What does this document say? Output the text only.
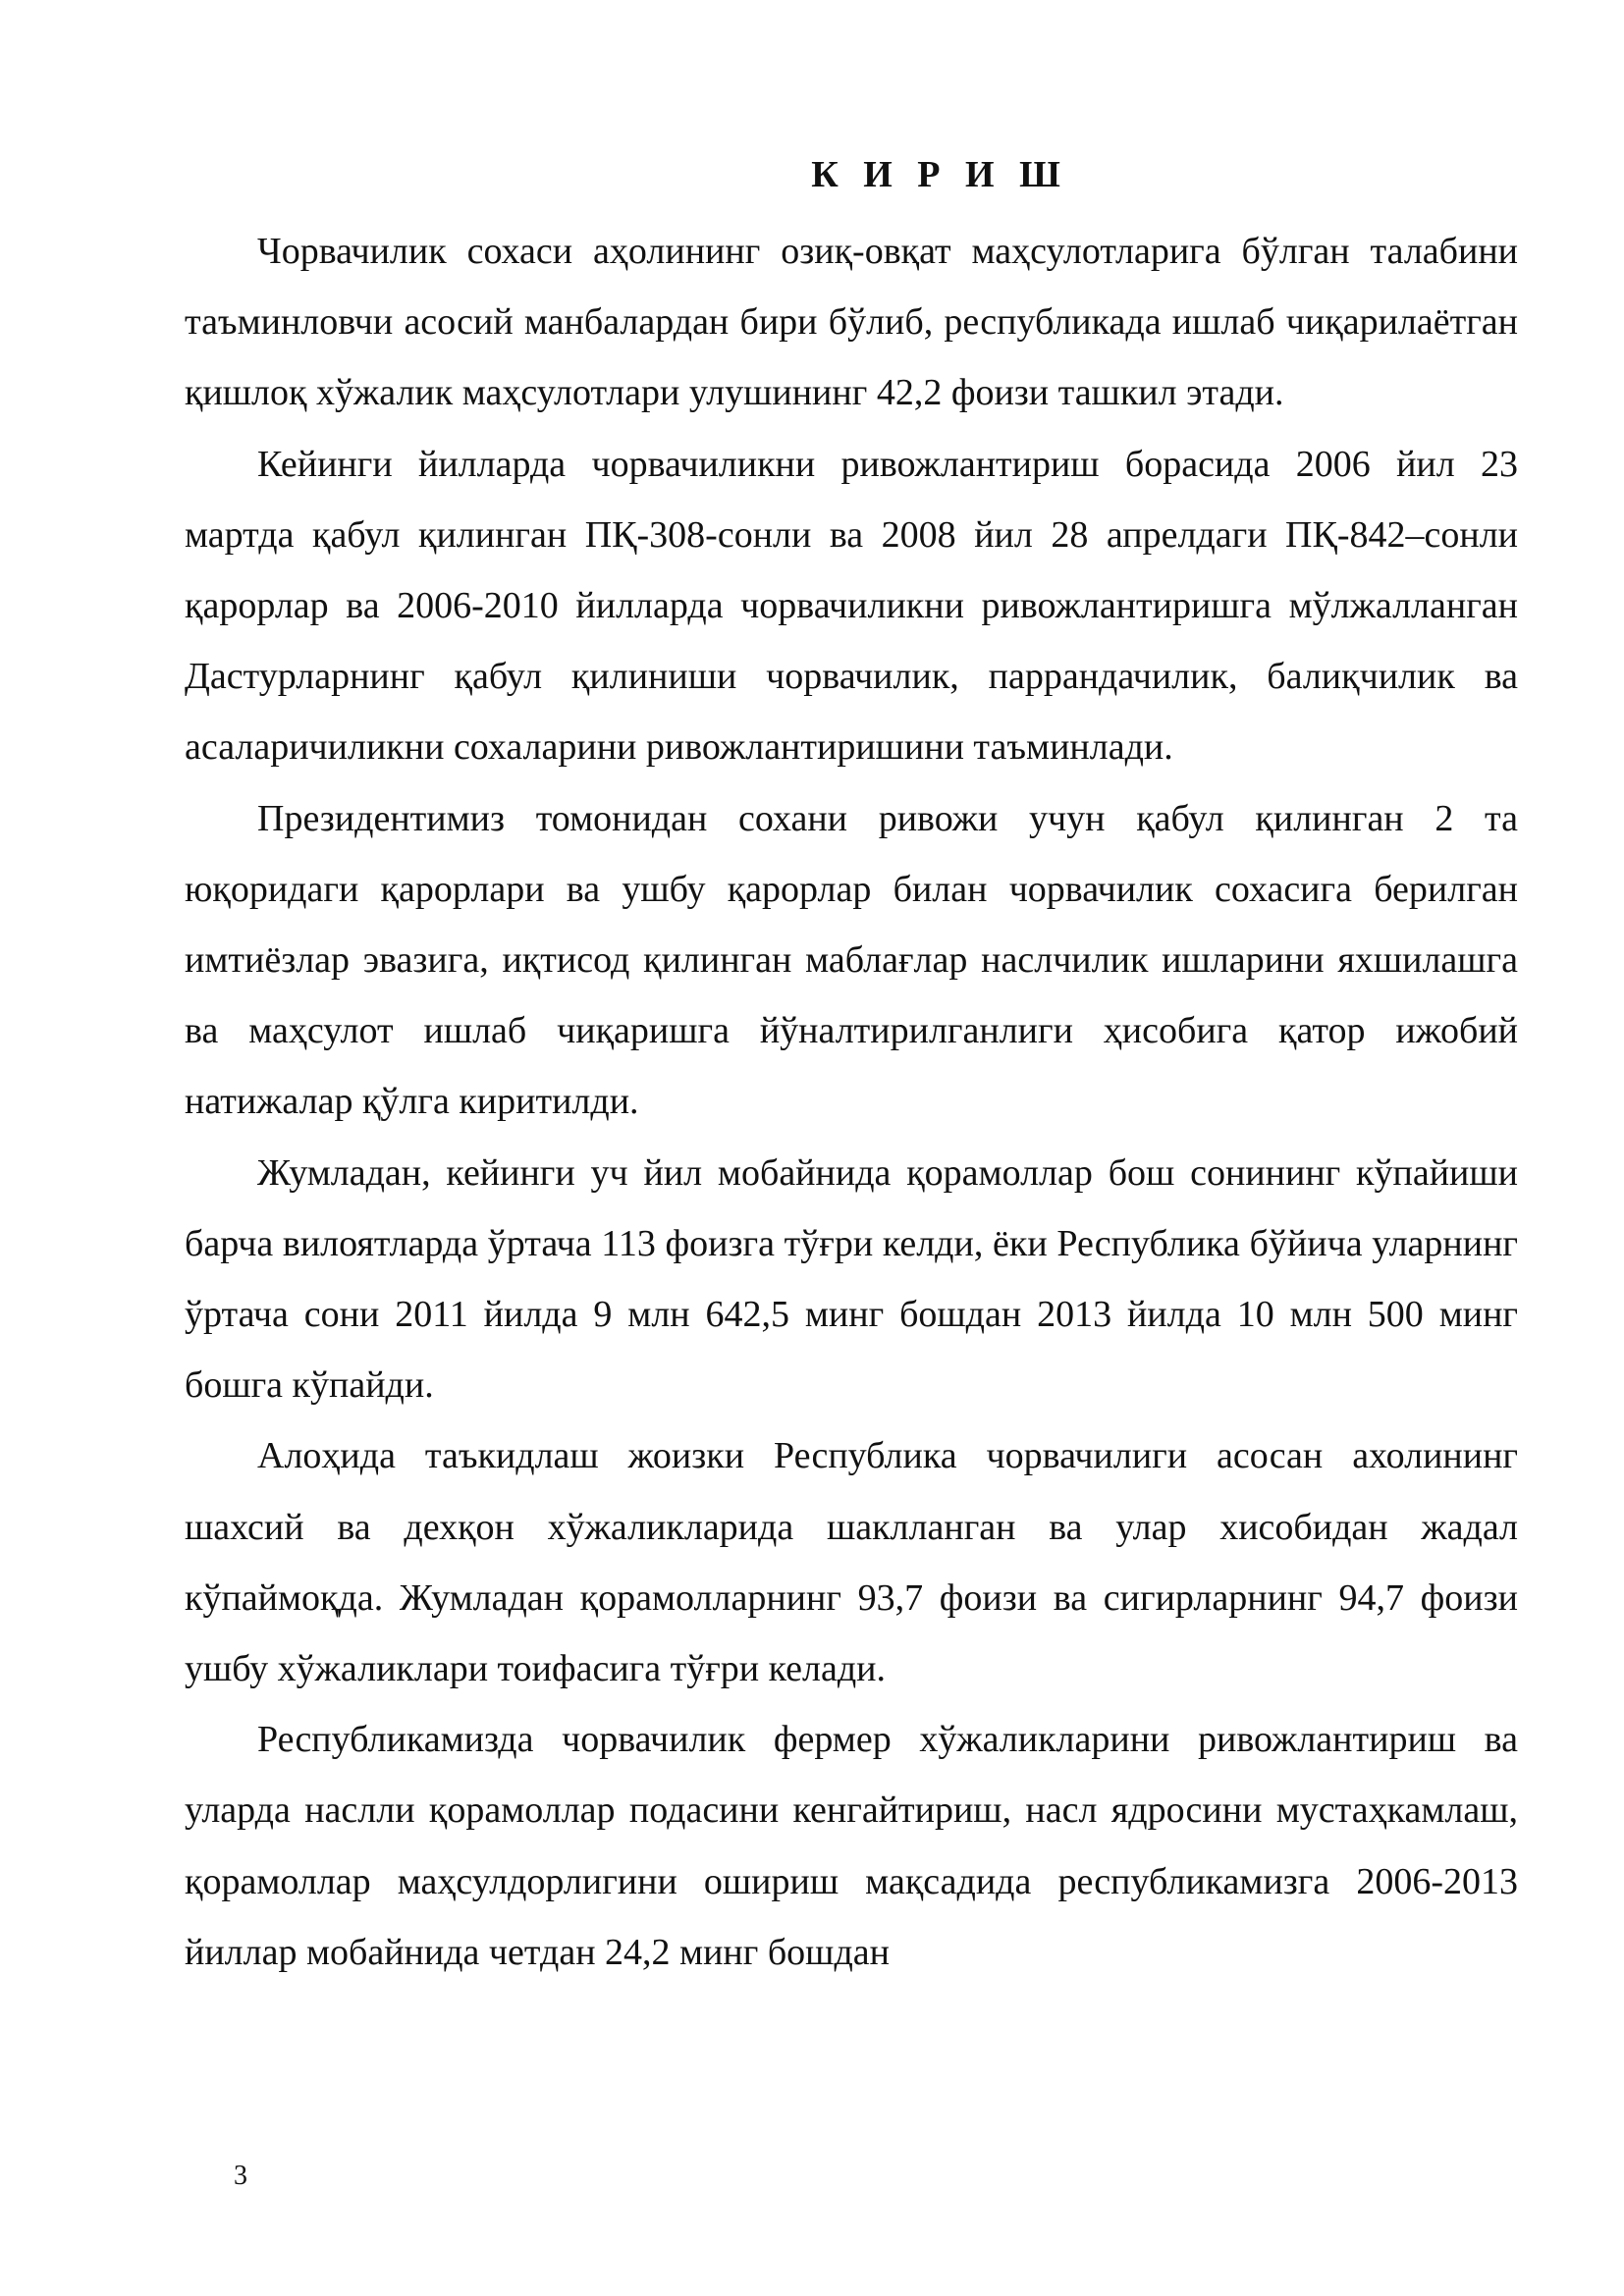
К И Р И Ш

Чорвачилик сохаси аҳолининг озиқ-овқат маҳсулотларига бўлган талабини таъминловчи асосий манбалардан бири бўлиб, республикада ишлаб чиқарилаётган қишлоқ хўжалик маҳсулотлари улушининг 42,2 фоизи ташкил этади.

Кейинги йилларда чорвачиликни ривожлантириш борасида 2006 йил 23 мартда қабул қилинган ПҚ-308-сонли ва 2008 йил 28 апрелдаги ПҚ-842–сонли қарорлар ва 2006-2010 йилларда чорвачиликни ривожлантиришга мўлжалланган Дастурларнинг қабул қилиниши чорвачилик, паррандачилик, балиқчилик ва асаларичиликни сохаларини ривожлантиришини таъминлади.

Президентимиз томонидан сохани ривожи учун қабул қилинган 2 та юқоридаги қарорлари ва ушбу қарорлар билан чорвачилик сохасига берилган имтиёзлар эвазига, иқтисод қилинган маблағлар наслчилик ишларини яхшилашга ва маҳсулот ишлаб чиқаришга йўналтирилганлиги ҳисобига қатор ижобий натижалар қўлга киритилди.

Жумладан, кейинги уч йил мобайнида қорамоллар бош сонининг кўпайиши барча вилоятларда ўртача 113 фоизга тўғри келди, ёки Республика бўйича уларнинг ўртача сони 2011 йилда 9 млн 642,5 минг бошдан 2013 йилда 10 млн 500 минг бошга кўпайди.

Алоҳида таъкидлаш жоизки Республика чорвачилиги асосан ахолининг шахсий ва дехқон хўжаликларида шаклланган ва улар хисобидан жадал кўпаймоқда. Жумладан қорамолларнинг 93,7 фоизи ва сигирларнинг 94,7 фоизи ушбу хўжаликлари тоифасига тўғри келади.

Республикамизда чорвачилик фермер хўжаликларини ривожлантириш ва уларда наслли қорамоллар подасини кенгайтириш, насл ядросини мустаҳкамлаш, қорамоллар маҳсулдорлигини ошириш мақсадида республикамизга 2006-2013 йиллар мобайнида четдан 24,2 минг бошдан

3
